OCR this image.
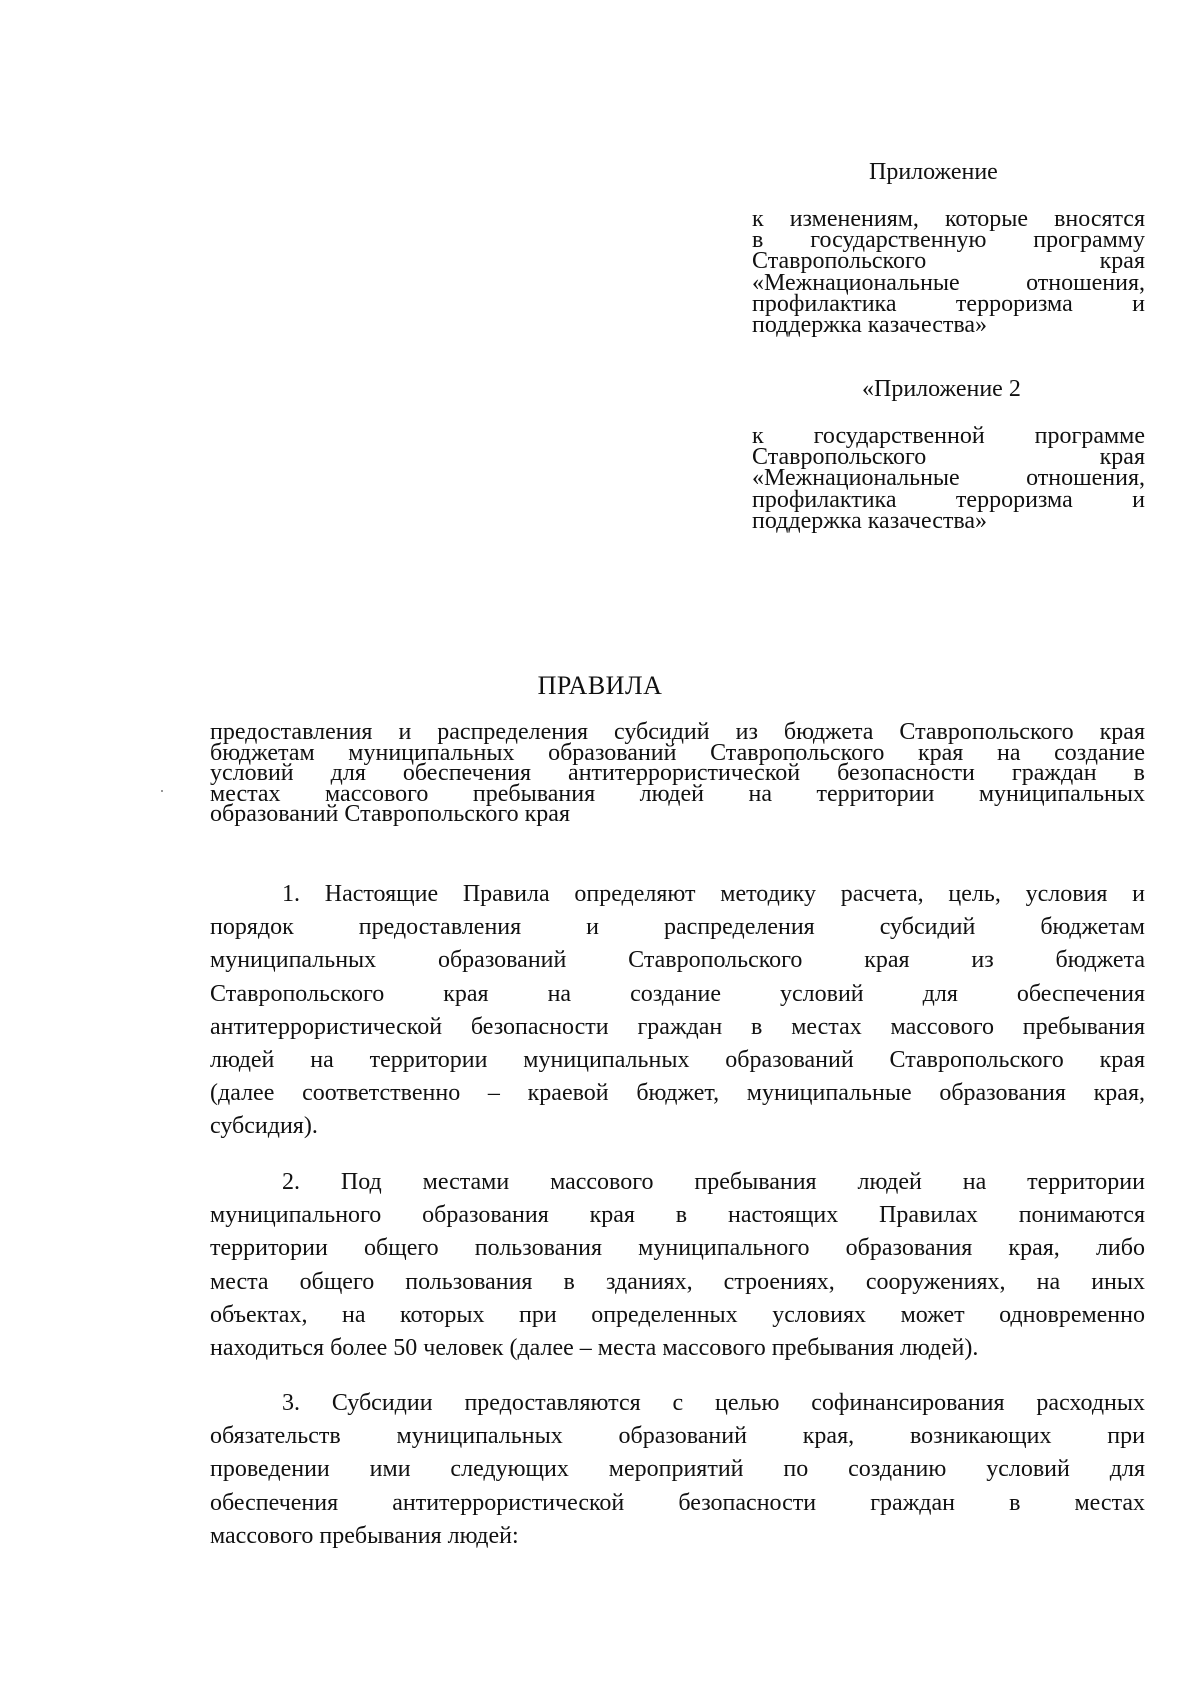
Приложение
к изменениям, которые вносятся
в государственную программу
Ставропольского края
«Межнациональные отношения,
профилактика терроризма и
поддержка казачества»
«Приложение 2
к государственной программе
Ставропольского края
«Межнациональные отношения,
профилактика терроризма и
поддержка казачества»
ПРАВИЛА
предоставления и распределения субсидий из бюджета Ставропольского края
бюджетам муниципальных образований Ставропольского края на создание
условий для обеспечения антитеррористической безопасности граждан в
местах массового пребывания людей на территории муниципальных
образований Ставропольского края
1. Настоящие Правила определяют методику расчета, цель, условия и
порядок предоставления и распределения субсидий бюджетам
муниципальных образований Ставропольского края из бюджета
Ставропольского края на создание условий для обеспечения
антитеррористической безопасности граждан в местах массового пребывания
людей на территории муниципальных образований Ставропольского края
(далее соответственно – краевой бюджет, муниципальные образования края,
субсидия).
2. Под местами массового пребывания людей на территории
муниципального образования края в настоящих Правилах понимаются
территории общего пользования муниципального образования края, либо
места общего пользования в зданиях, строениях, сооружениях, на иных
объектах, на которых при определенных условиях может одновременно
находиться более 50 человек (далее – места массового пребывания людей).
3. Субсидии предоставляются с целью софинансирования расходных
обязательств муниципальных образований края, возникающих при
проведении ими следующих мероприятий по созданию условий для
обеспечения антитеррористической безопасности граждан в местах
массового пребывания людей:
